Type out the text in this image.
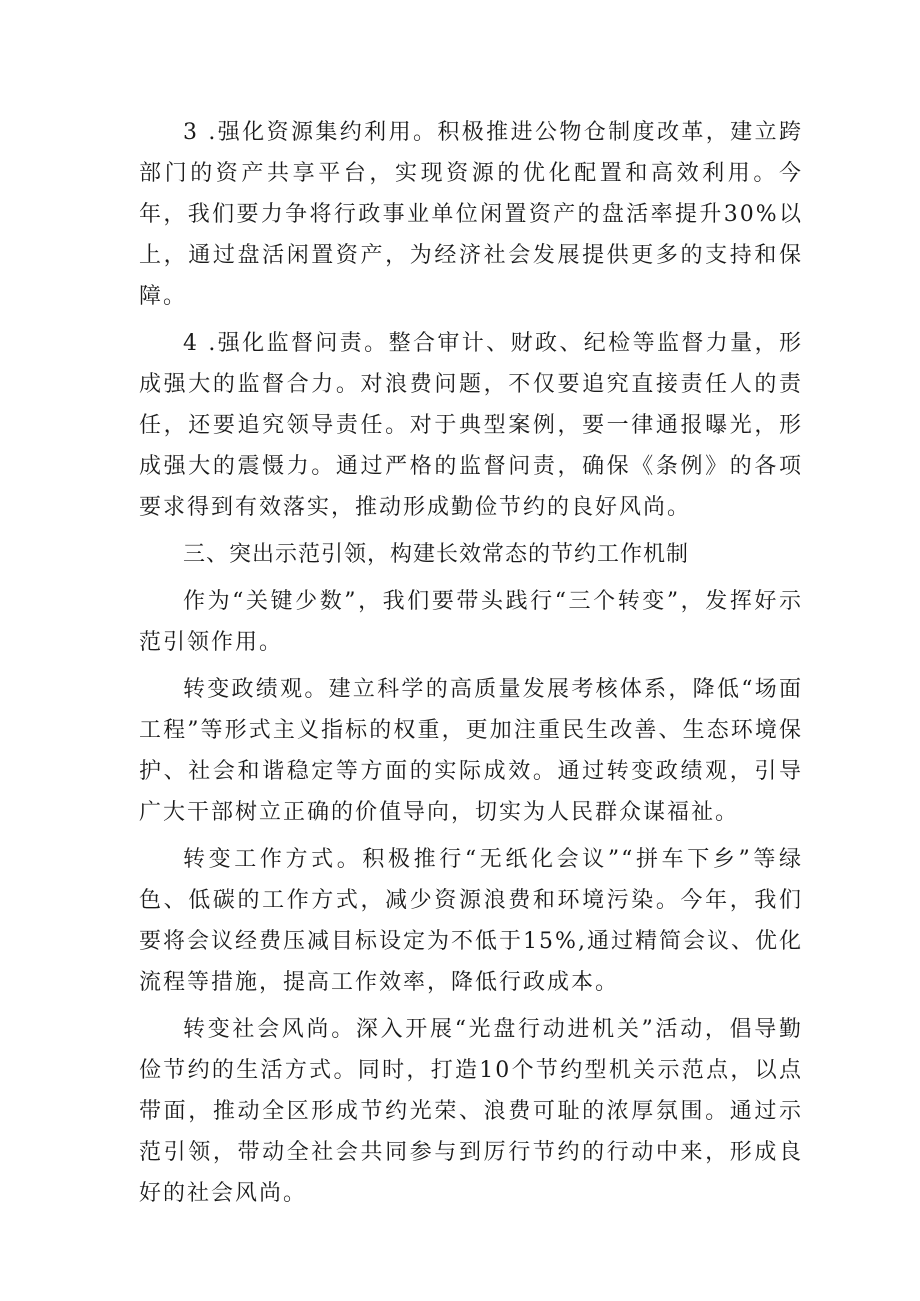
3 .强化资源集约利用。积极推进公物仓制度改革，建立跨部门的资产共享平台，实现资源的优化配置和高效利用。今年，我们要力争将行政事业单位闲置资产的盘活率提升30%以上，通过盘活闲置资产，为经济社会发展提供更多的支持和保障。

4 .强化监督问责。整合审计、财政、纪检等监督力量，形成强大的监督合力。对浪费问题，不仅要追究直接责任人的责任，还要追究领导责任。对于典型案例，要一律通报曝光，形成强大的震慑力。通过严格的监督问责，确保《条例》的各项要求得到有效落实，推动形成勤俭节约的良好风尚。

三、突出示范引领，构建长效常态的节约工作机制

作为“关键少数”，我们要带头践行“三个转变”，发挥好示范引领作用。

转变政绩观。建立科学的高质量发展考核体系，降低“场面工程”等形式主义指标的权重，更加注重民生改善、生态环境保护、社会和谐稳定等方面的实际成效。通过转变政绩观，引导广大干部树立正确的价值导向，切实为人民群众谋福祉。

转变工作方式。积极推行“无纸化会议”“拼车下乡”等绿色、低碳的工作方式，减少资源浪费和环境污染。今年，我们要将会议经费压减目标设定为不低于15%,通过精简会议、优化流程等措施，提高工作效率，降低行政成本。

转变社会风尚。深入开展“光盘行动进机关”活动，倡导勤俭节约的生活方式。同时，打造10个节约型机关示范点，以点带面，推动全区形成节约光荣、浪费可耻的浓厚氛围。通过示范引领，带动全社会共同参与到厉行节约的行动中来，形成良好的社会风尚。
